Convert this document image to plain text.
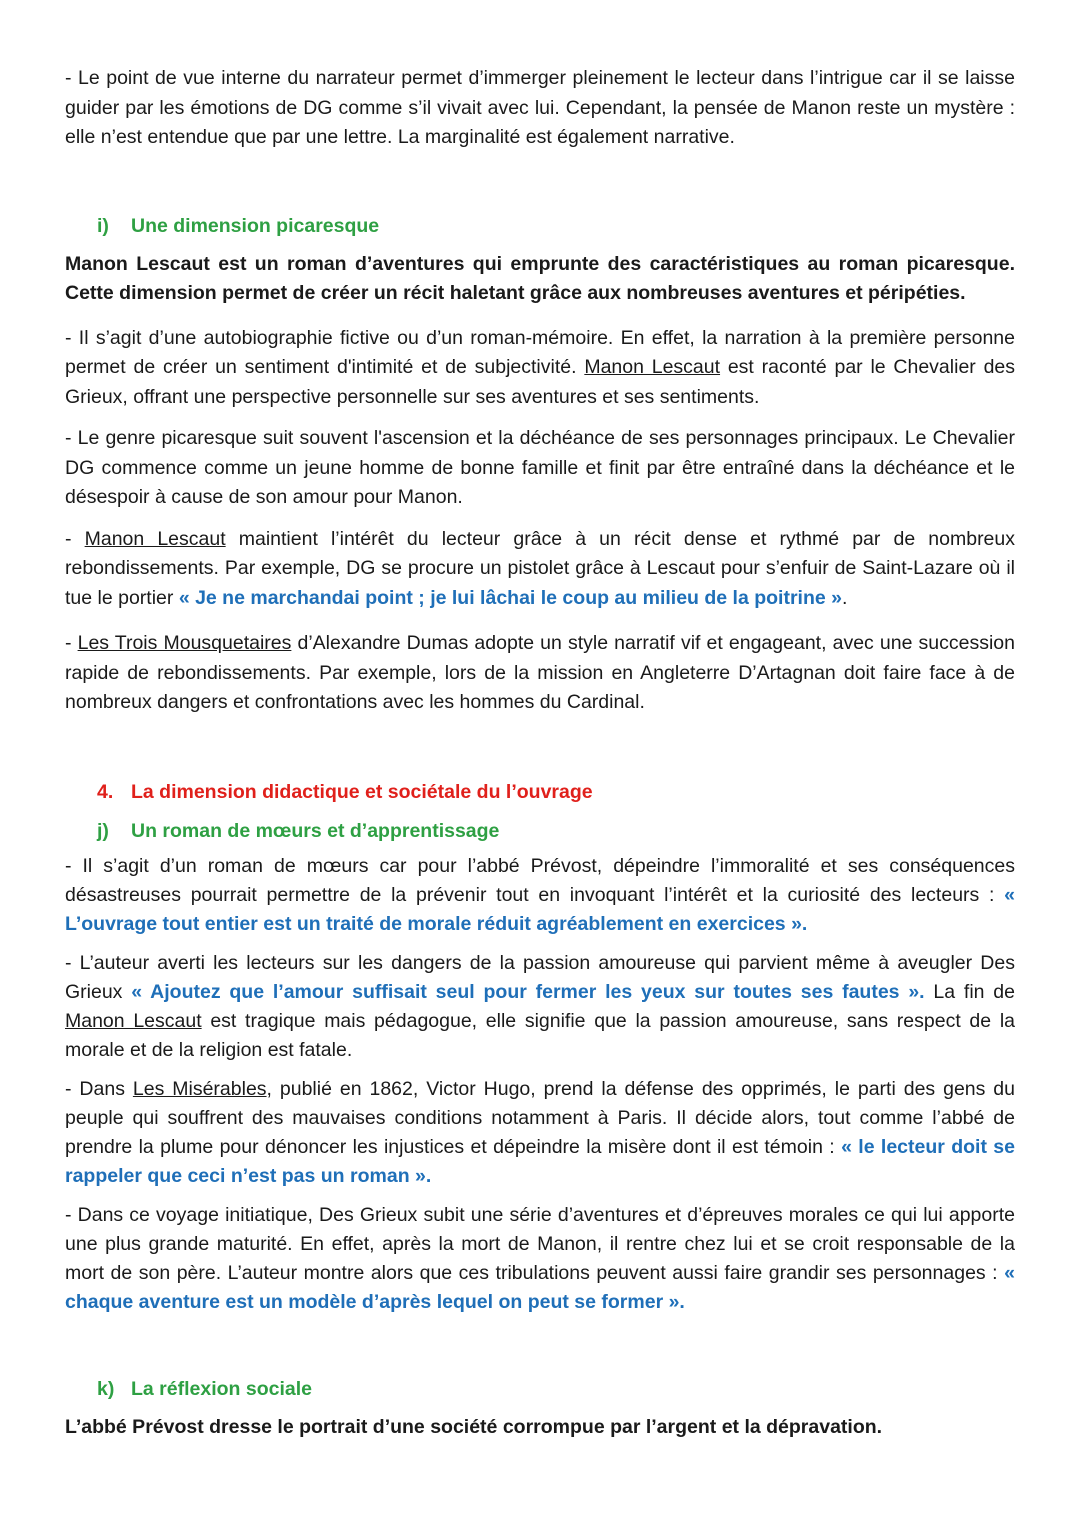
- Le point de vue interne du narrateur permet d’immerger pleinement le lecteur dans l’intrigue car il se laisse guider par les émotions de DG comme s’il vivait avec lui. Cependant, la pensée de Manon reste un mystère : elle n’est entendue que par une lettre. La marginalité est également narrative.

i) Une dimension picaresque

Manon Lescaut est un roman d’aventures qui emprunte des caractéristiques au roman picaresque. Cette dimension permet de créer un récit haletant grâce aux nombreuses aventures et péripéties.

- Il s’agit d’une autobiographie fictive ou d’un roman-mémoire. En effet, la narration à la première personne permet de créer un sentiment d'intimité et de subjectivité. Manon Lescaut est raconté par le Chevalier des Grieux, offrant une perspective personnelle sur ses aventures et ses sentiments.

- Le genre picaresque suit souvent l'ascension et la déchéance de ses personnages principaux. Le Chevalier DG commence comme un jeune homme de bonne famille et finit par être entraîné dans la déchéance et le désespoir à cause de son amour pour Manon.

- Manon Lescaut maintient l’intérêt du lecteur grâce à un récit dense et rythmé par de nombreux rebondissements. Par exemple, DG se procure un pistolet grâce à Lescaut pour s’enfuir de Saint-Lazare où il tue le portier « Je ne marchandai point ; je lui lâchai le coup au milieu de la poitrine ».

- Les Trois Mousquetaires d’Alexandre Dumas adopte un style narratif vif et engageant, avec une succession rapide de rebondissements. Par exemple, lors de la mission en Angleterre D’Artagnan doit faire face à de nombreux dangers et confrontations avec les hommes du Cardinal.

4. La dimension didactique et sociétale du l’ouvrage
j) Un roman de mœurs et d’apprentissage

- Il s’agit d’un roman de mœurs car pour l’abbé Prévost, dépeindre l’immoralité et ses conséquences désastreuses pourrait permettre de la prévenir tout en invoquant l’intérêt et la curiosité des lecteurs : « L’ouvrage tout entier est un traité de morale réduit agréablement en exercices ».

- L’auteur averti les lecteurs sur les dangers de la passion amoureuse qui parvient même à aveugler Des Grieux « Ajoutez que l’amour suffisait seul pour fermer les yeux sur toutes ses fautes ». La fin de Manon Lescaut est tragique mais pédagogue, elle signifie que la passion amoureuse, sans respect de la morale et de la religion est fatale.

- Dans Les Misérables, publié en 1862, Victor Hugo, prend la défense des opprimés, le parti des gens du peuple qui souffrent des mauvaises conditions notamment à Paris. Il décide alors, tout comme l’abbé de prendre la plume pour dénoncer les injustices et dépeindre la misère dont il est témoin : « le lecteur doit se rappeler que ceci n’est pas un roman ».

- Dans ce voyage initiatique, Des Grieux subit une série d’aventures et d’épreuves morales ce qui lui apporte une plus grande maturité. En effet, après la mort de Manon, il rentre chez lui et se croit responsable de la mort de son père. L’auteur montre alors que ces tribulations peuvent aussi faire grandir ses personnages : « chaque aventure est un modèle d’après lequel on peut se former ».

k) La réflexion sociale

L’abbé Prévost dresse le portrait d’une société corrompue par l’argent et la dépravation.
